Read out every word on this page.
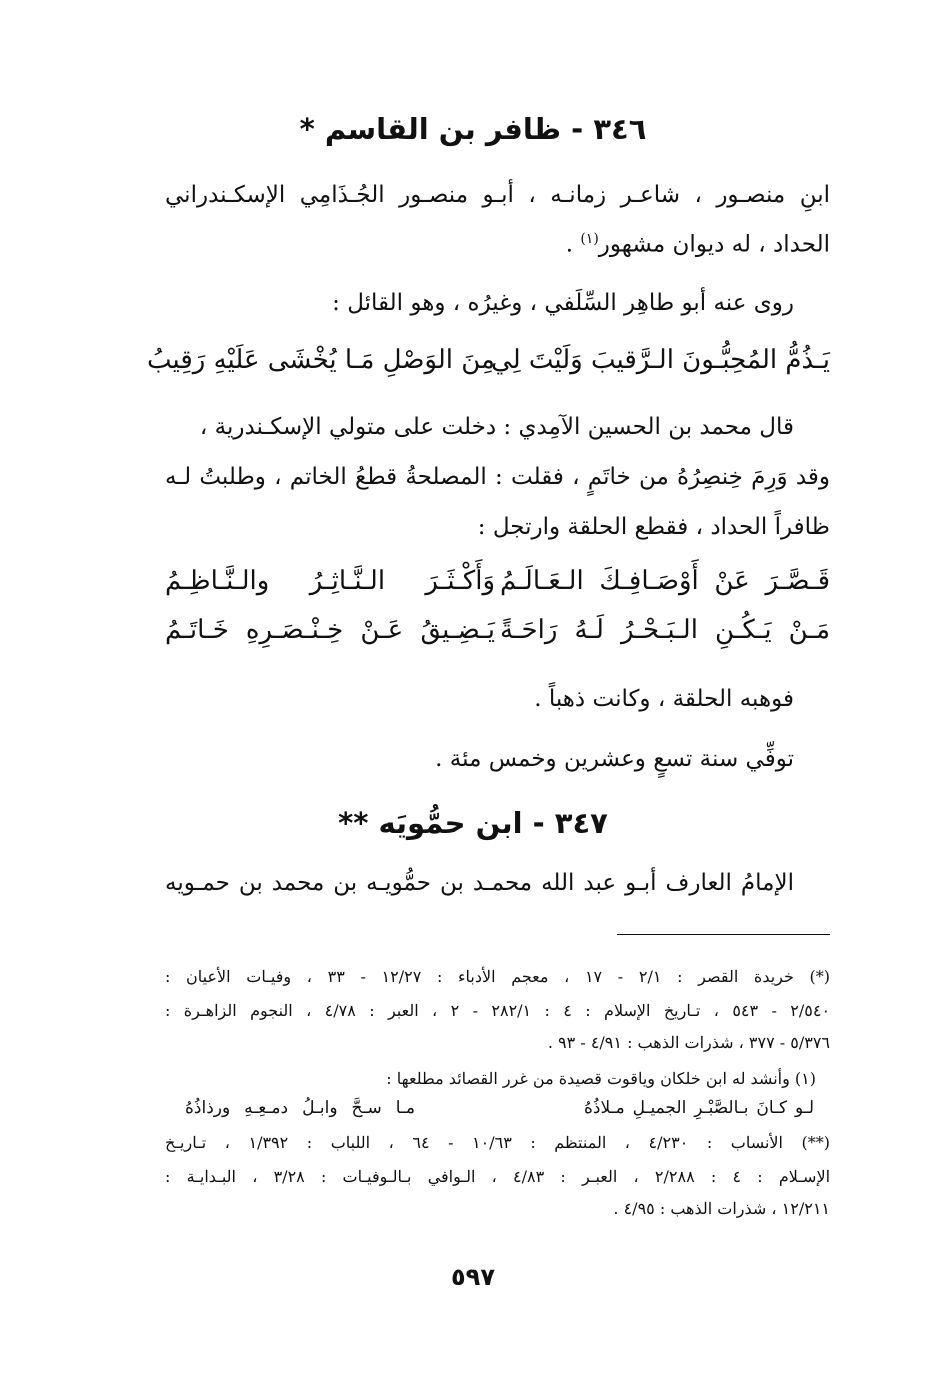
٣٤٦ - ظافر بن القاسم *
ابنِ منصـور ، شاعـر زمانـه ، أبـو منصـور الجُـذَامِي الإسكـندراني
الحداد ، له ديوان مشهور$^{(١)}$ .
روى عنه أبو طاهِر السِّلَفي ، وغيرُه ، وهو القائل :
يَـذُمُّ المُحِبُّـونَ الـرَّقيبَ وَلَيْتَ لِي
مِنَ الوَصْلِ مَـا يُخْشَى عَلَيْهِ رَقِيبُ
قال محمد بن الحسين الآمِدي : دخلت على متولي الإسكـندرية ،
وقد وَرِمَ خِنصِرُهُ من خاتَمٍ ، فقلت : المصلحةُ قطعُ الخاتم ، وطلبتُ لـه
ظافراً الحداد ، فقطع الحلقة وارتجل :
قَـصَّـرَ عَنْ أَوْصَـافِـكَ الـعَـالَـمُ
وَأَكْـثَـرَ الـنَّـاثِـرُ والـنَّـاظِـمُ
مَـنْ يَـكُـنِ الـبَـحْـرُ لَـهُ رَاحَـةً
يَـضِـيقُ عَـنْ خِـنْـصَـرِهِ خَـاتَـمُ
فوهبه الحلقة ، وكانت ذهباً .
توفِّي سنة تسعٍ وعشرين وخمس مئة .
٣٤٧ - ابن حمُّويَه **
الإمامُ العارف أبـو عبد الله محمـد بن حمُّويـه بن محمد بن حمـويه
(*) خريدة القصر : ٢/١ - ١٧ ، معجم الأدباء : ١٢/٢٧ - ٣٣ ، وفيـات الأعيان :
٢/٥٤٠ - ٥٤٣ ، تـاريخ الإسلام : ٤ : ٢٨٢/١ - ٢ ، العبر : ٤/٧٨ ، النجوم الزاهـرة :
٥/٣٧٦ - ٣٧٧ ، شذرات الذهب : ٤/٩١ - ٩٣ .
(١) وأنشد له ابن خلكان وياقوت قصيدة من غرر القصائد مطلعها :
لـو كـانَ بـالصَّبْـرِ الجميـلِ مـلاذُهُ
مـا سـحَّ وابـلُ دمـعِـهِ ورذاذُهُ
(**) الأنساب : ٤/٢٣٠ ، المنتظم : ١٠/٦٣ - ٦٤ ، اللباب : ١/٣٩٢ ، تـاريـخ
الإسـلام : ٤ : ٢/٢٨٨ ، العبـر : ٤/٨٣ ، الـوافي بـالـوفيـات : ٣/٢٨ ، البـدايـة :
١٢/٢١١ ، شذرات الذهب : ٤/٩٥ .
٥٩٧
